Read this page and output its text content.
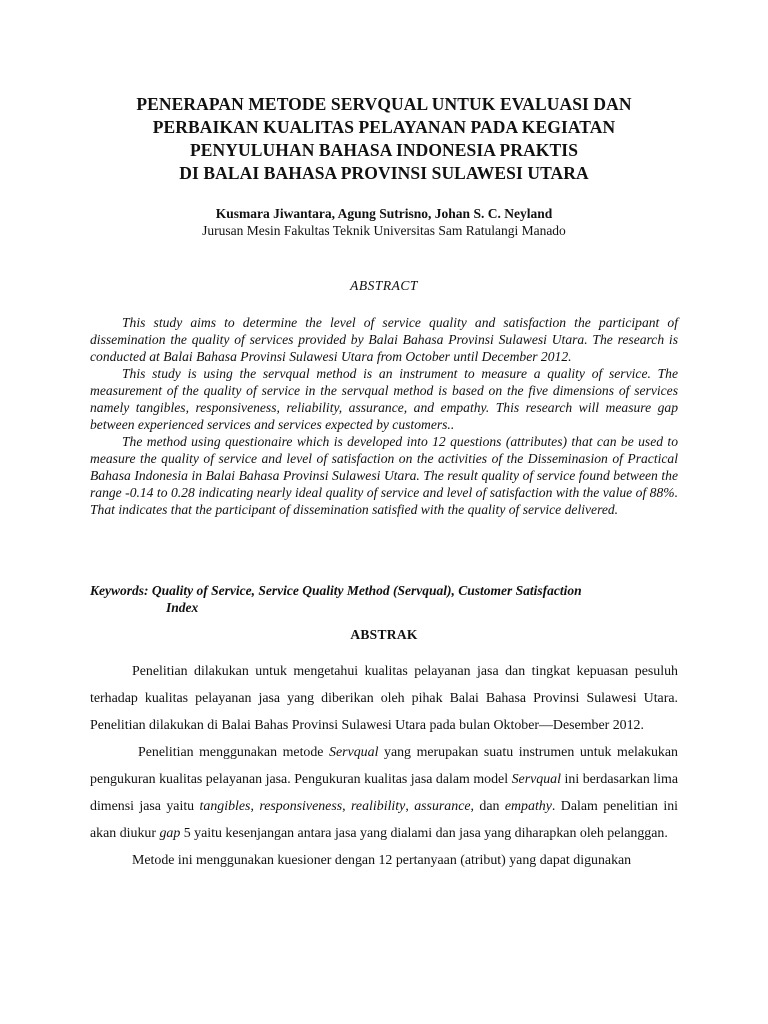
PENERAPAN METODE SERVQUAL UNTUK EVALUASI DAN
PERBAIKAN KUALITAS PELAYANAN PADA KEGIATAN
PENYULUHAN BAHASA INDONESIA PRAKTIS
DI BALAI BAHASA PROVINSI SULAWESI UTARA
Kusmara Jiwantara, Agung Sutrisno, Johan S. C. Neyland
Jurusan Mesin Fakultas Teknik Universitas Sam Ratulangi Manado
ABSTRACT

This study aims to determine the level of service quality and satisfaction the participant of dissemination the quality of services provided by Balai Bahasa Provinsi Sulawesi Utara. The research is conducted at Balai Bahasa Provinsi Sulawesi Utara from October until December 2012.

This study is using the servqual method is an instrument to measure a quality of service. The measurement of the quality of service in the servqual method is based on the five dimensions of services namely tangibles, responsiveness, reliability, assurance, and empathy. This research will measure gap between experienced services and services expected by customers..

The method using questionaire which is developed into 12 questions (attributes) that can be used to measure the quality of service and level of satisfaction on the activities of the Disseminasion of Practical Bahasa Indonesia in Balai Bahasa Provinsi Sulawesi Utara. The result quality of service found between the range -0.14 to 0.28 indicating nearly ideal quality of service and level of satisfaction with the value of 88%. That indicates that the participant of dissemination satisfied with the quality of service delivered.

Keywords: Quality of Service, Service Quality Method (Servqual), Customer Satisfaction
Index
ABSTRAK

Penelitian dilakukan untuk mengetahui kualitas pelayanan jasa dan tingkat kepuasan pesuluh terhadap kualitas pelayanan jasa yang diberikan oleh pihak Balai Bahasa Provinsi Sulawesi Utara. Penelitian dilakukan di Balai Bahas Provinsi Sulawesi Utara pada bulan Oktober—Desember 2012.

Penelitian menggunakan metode Servqual yang merupakan suatu instrumen untuk melakukan pengukuran kualitas pelayanan jasa. Pengukuran kualitas jasa dalam model Servqual ini berdasarkan lima dimensi jasa yaitu tangibles, responsiveness, realibility, assurance, dan empathy. Dalam penelitian ini akan diukur gap 5 yaitu kesenjangan antara jasa yang dialami dan jasa yang diharapkan oleh pelanggan.

Metode ini menggunakan kuesioner dengan 12 pertanyaan (atribut) yang dapat digunakan
